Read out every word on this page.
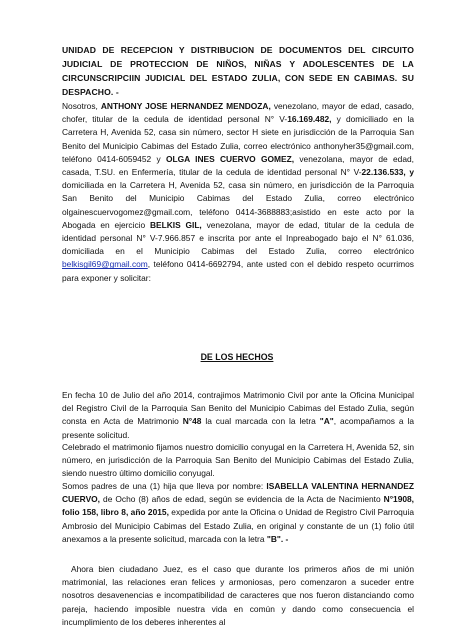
UNIDAD DE RECEPCION Y DISTRIBUCION DE DOCUMENTOS DEL CIRCUITO JUDICIAL DE PROTECCION DE NIÑOS, NIÑAS Y ADOLESCENTES DE LA CIRCUNSCRIPCIIN JUDICIAL DEL ESTADO ZULIA, CON SEDE EN CABIMAS. SU DESPACHO. -

Nosotros, ANTHONY JOSE HERNANDEZ MENDOZA, venezolano, mayor de edad, casado, chofer, titular de la cedula de identidad personal N° V-16.169.482, y domiciliado en la Carretera H, Avenida 52, casa sin número, sector H siete en jurisdicción de la Parroquia San Benito del Municipio Cabimas del Estado Zulia, correo electrónico anthonyher35@gmail.com, teléfono 0414-6059452 y OLGA INES CUERVO GOMEZ, venezolana, mayor de edad, casada, T.SU. en Enfermería, titular de la cedula de identidad personal N° V-22.136.533, y domiciliada en la Carretera H, Avenida 52, casa sin número, en jurisdicción de la Parroquia San Benito del Municipio Cabimas del Estado Zulia, correo electrónico olgainescuervogomez@gmail.com, teléfono 0414-3688883;asistido en este acto por la Abogada en ejercicio BELKIS GIL, venezolana, mayor de edad, titular de la cedula de identidad personal N° V-7.966.857 e inscrita por ante el Inpreabogado bajo el N° 61.036, domiciliada en el Municipio Cabimas del Estado Zulia, correo electrónico belkisgil69@gmail.com, teléfono 0414-6692794, ante usted con el debido respeto ocurrimos para exponer y solicitar:

DE LOS HECHOS

En fecha 10 de Julio del año 2014, contrajimos Matrimonio Civil por ante la Oficina Municipal del Registro Civil de la Parroquia San Benito del Municipio Cabimas del Estado Zulia, según consta en Acta de Matrimonio N°48 la cual marcada con la letra "A", acompañamos a la presente solicitud.

Celebrado el matrimonio fijamos nuestro domicilio conyugal en la Carretera H, Avenida 52, sin número, en jurisdicción de la Parroquia San Benito del Municipio Cabimas del Estado Zulia, siendo nuestro último domicilio conyugal.

Somos padres de una (1) hija que lleva por nombre: ISABELLA VALENTINA HERNANDEZ CUERVO, de Ocho (8) años de edad, según se evidencia de la Acta de Nacimiento N°1908, folio 158, libro 8, año 2015, expedida por ante la Oficina o Unidad de Registro Civil Parroquia Ambrosio del Municipio Cabimas del Estado Zulia, en original y constante de un (1) folio útil anexamos a la presente solicitud, marcada con la letra "B". -

Ahora bien ciudadano Juez, es el caso que durante los primeros años de mi unión matrimonial, las relaciones eran felices y armoniosas, pero comenzaron a suceder entre nosotros desavenencias e incompatibilidad de caracteres que nos fueron distanciando como pareja, haciendo imposible nuestra vida en común y dando como consecuencia el incumplimiento de los deberes inherentes al
